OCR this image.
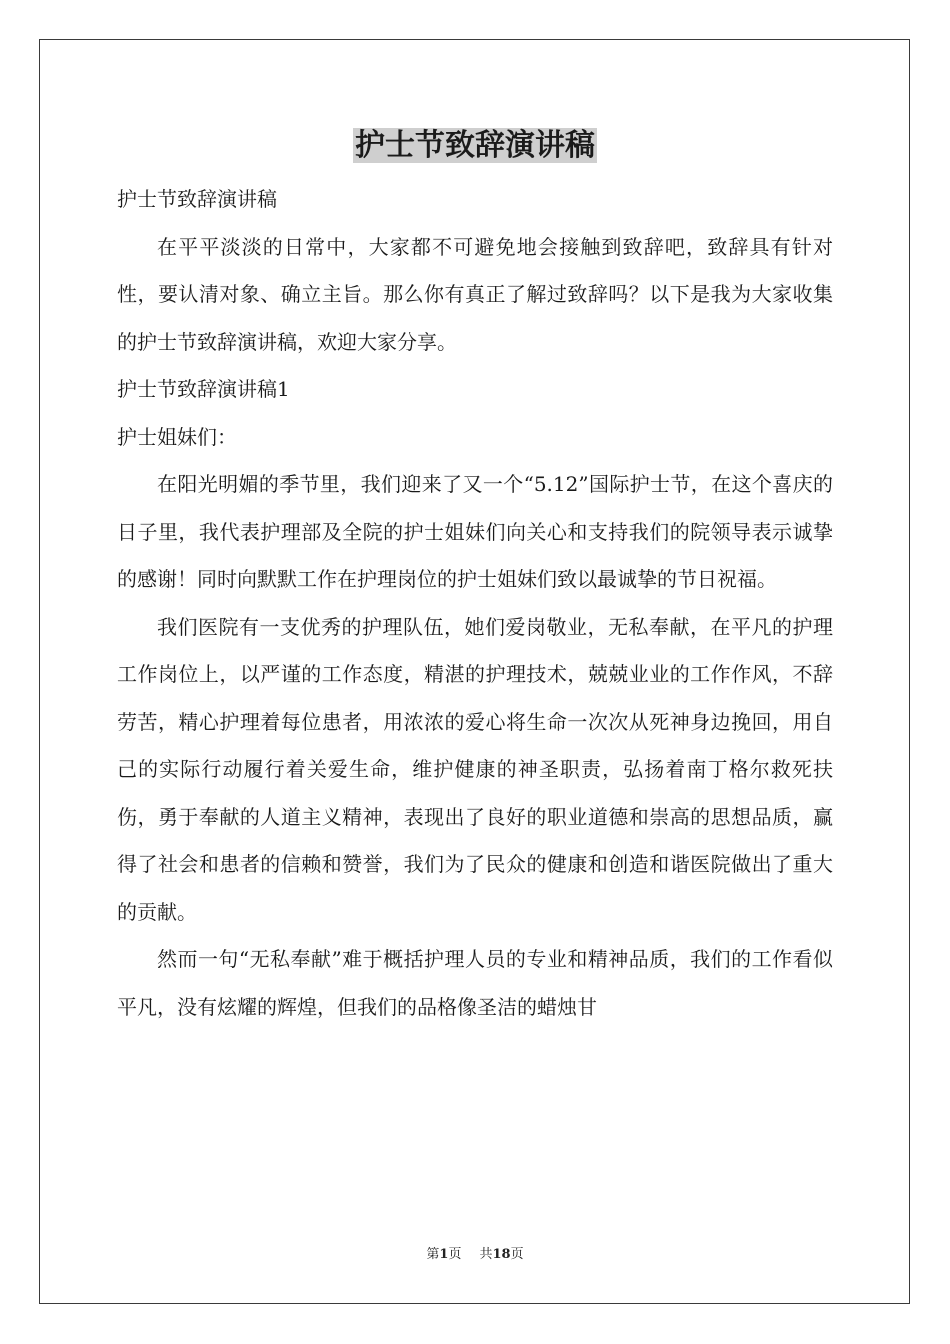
护士节致辞演讲稿

护士节致辞演讲稿

在平平淡淡的日常中，大家都不可避免地会接触到致辞吧，致辞具有针对性，要认清对象、确立主旨。那么你有真正了解过致辞吗？以下是我为大家收集的护士节致辞演讲稿，欢迎大家分享。

护士节致辞演讲稿1

护士姐妹们：

在阳光明媚的季节里，我们迎来了又一个“5.12”国际护士节，在这个喜庆的日子里，我代表护理部及全院的护士姐妹们向关心和支持我们的院领导表示诚挚的感谢！同时向默默工作在护理岗位的护士姐妹们致以最诚挚的节日祝福。

我们医院有一支优秀的护理队伍，她们爱岗敬业，无私奉献，在平凡的护理工作岗位上，以严谨的工作态度，精湛的护理技术，兢兢业业的工作作风，不辞劳苦，精心护理着每位患者，用浓浓的爱心将生命一次次从死神身边挽回，用自己的实际行动履行着关爱生命，维护健康的神圣职责，弘扬着南丁格尔救死扶伤，勇于奉献的人道主义精神，表现出了良好的职业道德和崇高的思想品质，赢得了社会和患者的信赖和赞誉，我们为了民众的健康和创造和谐医院做出了重大的贡献。

然而一句“无私奉献”难于概括护理人员的专业和精神品质，我们的工作看似平凡，没有炫耀的辉煌，但我们的品格像圣洁的蜡烛甘

第1页 共18页
